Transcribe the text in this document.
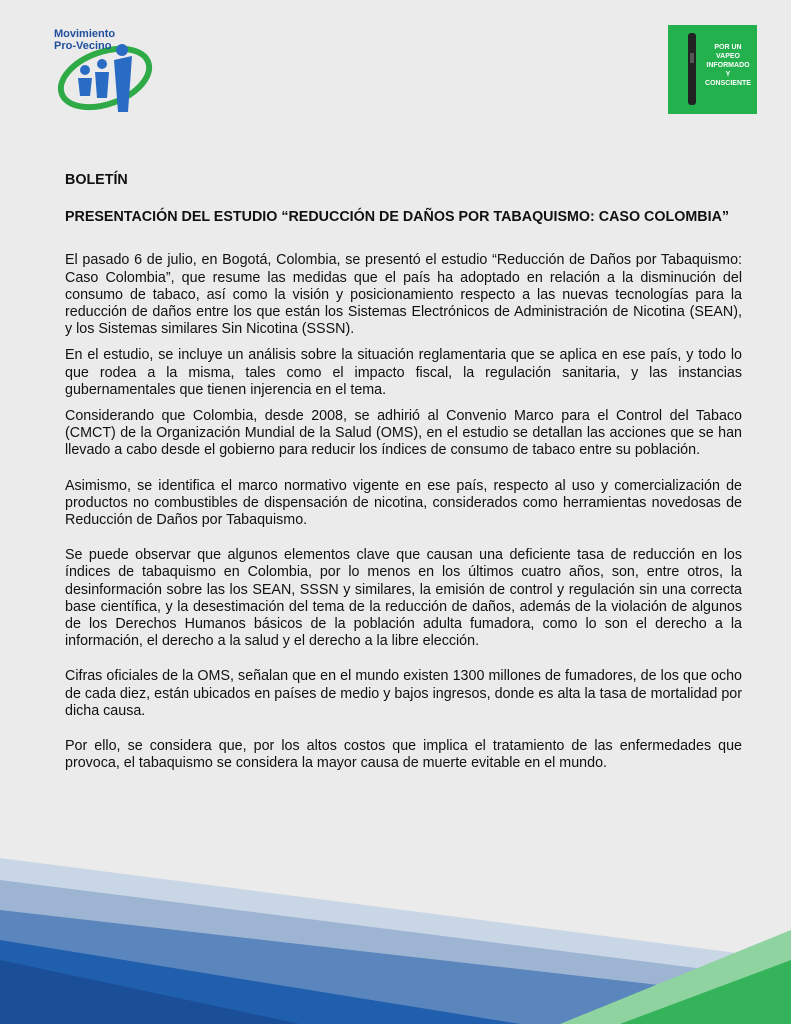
Movimiento
Pro-Vecino	POR UN
VAPEO
INFORMADO
Y
CONSCIENTE
BOLETÍN
PRESENTACIÓN DEL ESTUDIO “REDUCCIÓN DE DAÑOS POR TABAQUISMO: CASO COLOMBIA”

El pasado 6 de julio, en Bogotá, Colombia, se presentó el estudio “Reducción de Daños por Tabaquismo: Caso Colombia”, que resume las medidas que el país ha adoptado en relación a la disminución del consumo de tabaco, así como la visión y posicionamiento respecto a las nuevas tecnologías para la reducción de daños entre los que están los Sistemas Electrónicos de Administración de Nicotina (SEAN), y los Sistemas similares Sin Nicotina (SSSN).

En el estudio, se incluye un análisis sobre la situación reglamentaria que se aplica en ese país, y todo lo que rodea a la misma, tales como el impacto fiscal, la regulación sanitaria, y las instancias gubernamentales que tienen injerencia en el tema.

Considerando que Colombia, desde 2008, se adhirió al Convenio Marco para el Control del Tabaco (CMCT) de la Organización Mundial de la Salud (OMS), en el estudio se detallan las acciones que se han llevado a cabo desde el gobierno para reducir los índices de consumo de tabaco entre su población.

Asimismo, se identifica el marco normativo vigente en ese país, respecto al uso y comercialización de productos no combustibles de dispensación de nicotina, considerados como herramientas novedosas de Reducción de Daños por Tabaquismo.

Se puede observar que algunos elementos clave que causan una deficiente tasa de reducción en los índices de tabaquismo en Colombia, por lo menos en los últimos cuatro años, son, entre otros, la desinformación sobre las los SEAN, SSSN y similares, la emisión de control y regulación sin una correcta base científica, y la desestimación del tema de la reducción de daños, además de la violación de algunos de los Derechos Humanos básicos de la población adulta fumadora, como lo son el derecho a la información, el derecho a la salud y el derecho a la libre elección.

Cifras oficiales de la OMS, señalan que en el mundo existen 1300 millones de fumadores, de los que ocho de cada diez, están ubicados en países de medio y bajos ingresos, donde es alta la tasa de mortalidad por dicha causa.

Por ello, se considera que, por los altos costos que implica el tratamiento de las enfermedades que provoca, el tabaquismo se considera la mayor causa de muerte evitable en el mundo.
